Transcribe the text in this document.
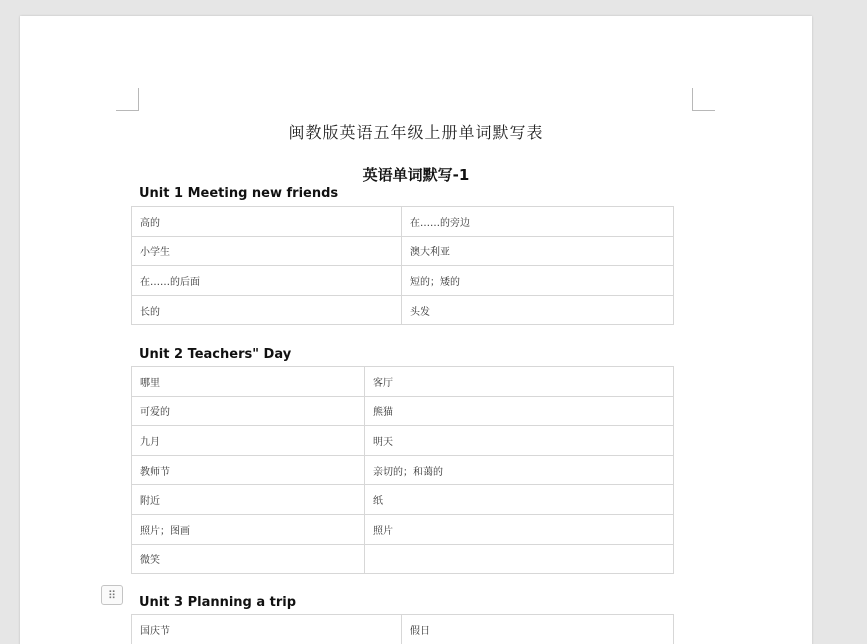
闽教版英语五年级上册单词默写表
英语单词默写-1
Unit 1 Meeting new friends
高的	在……的旁边
小学生	澳大利亚
在……的后面	短的；矮的
长的	头发
Unit 2 Teachers" Day
哪里	客厅
可爱的	熊猫
九月	明天
教师节	亲切的；和蔼的
附近	纸
照片；图画	照片
微笑	
⠿	Unit 3 Planning a trip
国庆节	假日
